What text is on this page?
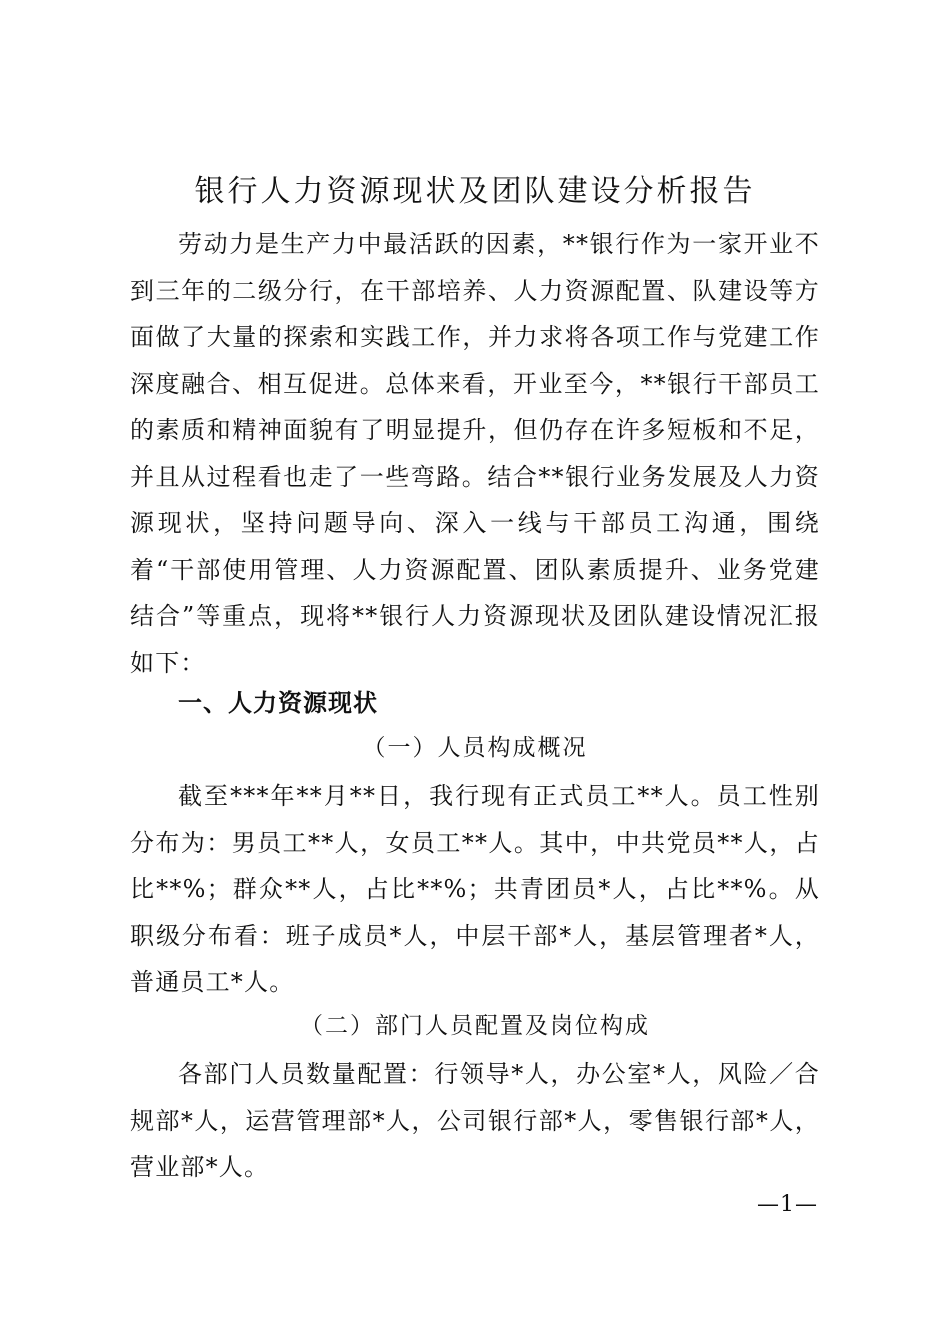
银行人力资源现状及团队建设分析报告

劳动力是生产力中最活跃的因素，**银行作为一家开业不到三年的二级分行，在干部培养、人力资源配置、队建设等方面做了大量的探索和实践工作，并力求将各项工作与党建工作深度融合、相互促进。总体来看，开业至今，**银行干部员工的素质和精神面貌有了明显提升，但仍存在许多短板和不足，并且从过程看也走了一些弯路。结合**银行业务发展及人力资源现状，坚持问题导向、深入一线与干部员工沟通，围绕着“干部使用管理、人力资源配置、团队素质提升、业务党建结合”等重点，现将**银行人力资源现状及团队建设情况汇报如下：

一、人力资源现状

（一）人员构成概况

截至***年**月**日，我行现有正式员工**人。员工性别分布为：男员工**人，女员工**人。其中，中共党员**人，占比**%；群众**人，占比**%；共青团员*人，占比**%。从职级分布看：班子成员*人，中层干部*人，基层管理者*人，普通员工*人。

（二）部门人员配置及岗位构成

各部门人员数量配置：行领导*人，办公室*人，风险／合规部*人，运营管理部*人，公司银行部*人，零售银行部*人，营业部*人。

—1—
